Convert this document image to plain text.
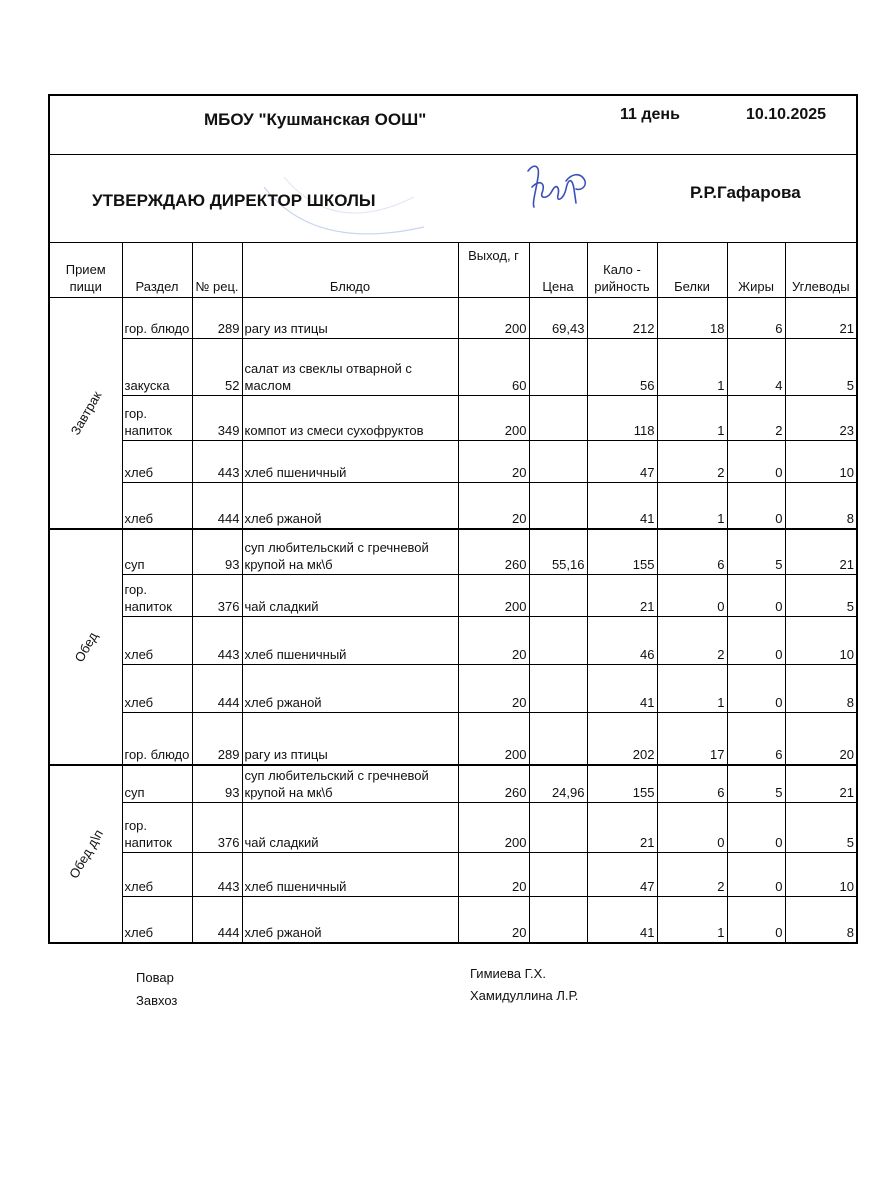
МБОУ "Кушманская ООШ"	11 день	10.10.2025
УТВЕРЖДАЮ ДИРЕКТОР ШКОЛЫ	Р.Р.Гафарова
Прием пищи	Раздел	№ рец.	Блюдо	Выход, г	Цена	Кало - рийность	Белки	Жиры	Углеводы

Завтрак	гор. блюдо	289	рагу из птицы	200	69,43	212	18	6	21
	закуска	52	салат из свеклы отварной с маслом	60		56	1	4	5
	гор. напиток	349	компот из смеси сухофруктов	200		118	1	2	23
	хлеб	443	хлеб пшеничный	20		47	2	0	10
	хлеб	444	хлеб ржаной	20		41	1	0	8

Обед	суп	93	суп любительский с гречневой крупой на мк\б	260	55,16	155	6	5	21
	гор. напиток	376	чай сладкий	200		21	0	0	5
	хлеб	443	хлеб пшеничный	20		46	2	0	10
	хлеб	444	хлеб ржаной	20		41	1	0	8
	гор. блюдо	289	рагу из птицы	200		202	17	6	20

Обед д\п	суп	93	суп любительский с гречневой крупой на мк\б	260	24,96	155	6	5	21
	гор. напиток	376	чай сладкий	200		21	0	0	5
	хлеб	443	хлеб пшеничный	20		47	2	0	10
	хлеб	444	хлеб ржаной	20		41	1	0	8
Повар
Завхоз
Гимиева Г.Х.
Хамидуллина Л.Р.
